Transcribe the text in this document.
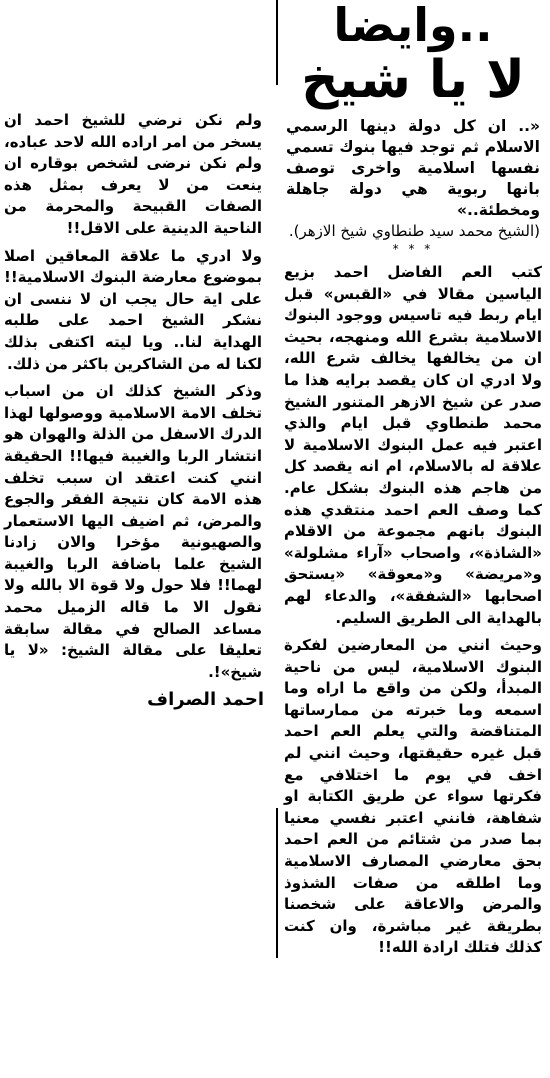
..وايضا
لا يا شيخ
«.. ان كل دولة دينها الرسمي الاسلام ثم توجد فيها بنوك تسمي نفسها اسلامية واخرى توصف بانها ربوية هي دولة جاهلة ومخطئة..»
(الشيخ محمد سيد طنطاوي شيخ الازهر).
* * *

كتب العم الفاضل احمد بزيع الياسين مقالا في «القبس» قبل ايام ربط فيه تاسيس ووجود البنوك الاسلامية بشرع الله ومنهجه، بحيث ان من يخالفها يخالف شرع الله، ولا ادري ان كان يقصد برايه هذا ما صدر عن شيخ الازهر المتنور الشيخ محمد طنطاوي قبل ايام والذي اعتبر فيه عمل البنوك الاسلامية لا علاقة له بالاسلام، ام انه يقصد كل من هاجم هذه البنوك بشكل عام. كما وصف العم احمد منتقدي هذه البنوك بانهم مجموعة من الاقلام «الشاذة»، واصحاب «آراء مشلولة» و«مريضة» و«معوقة» «يستحق اصحابها «الشفقة»، والدعاء لهم بالهداية الى الطريق السليم.

وحيث انني من المعارضين لفكرة البنوك الاسلامية، ليس من ناحية المبدأ، ولكن من واقع ما اراه وما اسمعه وما خبرته من ممارساتها المتناقضة والتي يعلم العم احمد قبل غيره حقيقتها، وحيث انني لم اخف في يوم ما اختلافي مع فكرتها سواء عن طريق الكتابة او شفاهة، فانني اعتبر نفسي معنيا بما صدر من شتائم من العم احمد بحق معارضي المصارف الاسلامية وما اطلقه من صفات الشذوذ والمرض والاعاقة على شخصنا بطريقة غير مباشرة، وان كنت كذلك فتلك ارادة الله!!

ولم نكن نرضي للشيخ احمد ان يسخر من امر اراده الله لاحد عباده، ولم نكن نرضى لشخص بوقاره ان ينعت من لا يعرف بمثل هذه الصفات القبيحة والمحرمة من الناحية الدينية على الاقل!!

ولا ادري ما علاقة المعاقين اصلا بموضوع معارضة البنوك الاسلامية!! على اية حال يجب ان لا ننسى ان نشكر الشيخ احمد على طلبه الهداية لنا.. ويا ليته اكتفى بذلك لكنا له من الشاكرين باكثر من ذلك.

وذكر الشيخ كذلك ان من اسباب تخلف الامة الاسلامية ووصولها لهذا الدرك الاسفل من الذلة والهوان هو انتشار الربا والغيبة فيها!! الحقيقة انني كنت اعتقد ان سبب تخلف هذه الامة كان نتيجة الفقر والجوع والمرض، ثم اضيف اليها الاستعمار والصهيونية مؤخرا والان زادنا الشيخ علما باضافة الربا والغيبة لهما!! فلا حول ولا قوة الا بالله ولا نقول الا ما قاله الزميل محمد مساعد الصالح في مقالة سابقة تعليقا على مقالة الشيخ: «لا يا شيخ»!.

احمد الصراف
